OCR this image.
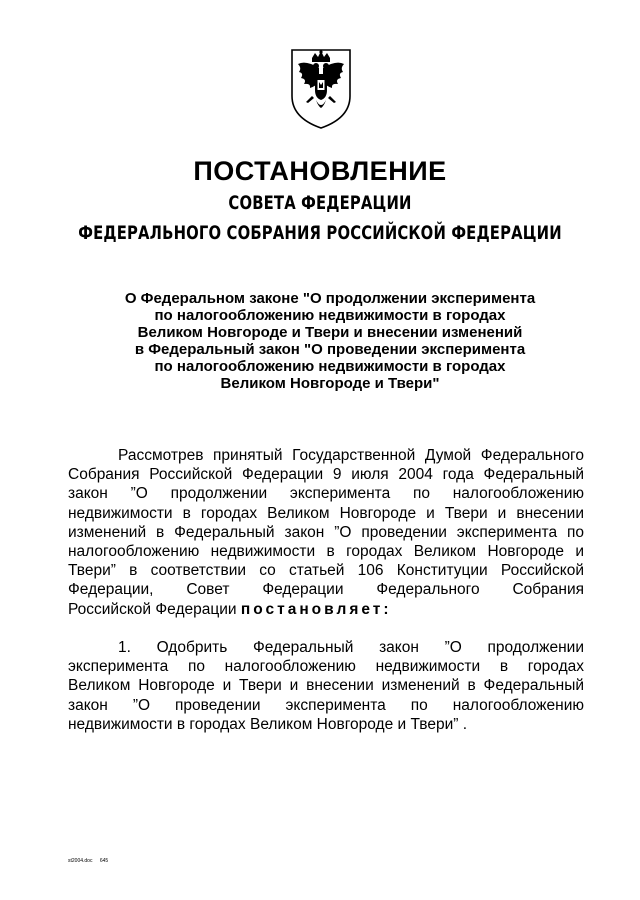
ПОСТАНОВЛЕНИЕ
СОВЕТА ФЕДЕРАЦИИ
ФЕДЕРАЛЬНОГО СОБРАНИЯ РОССИЙСКОЙ ФЕДЕРАЦИИ
О Федеральном законе "О продолжении эксперимента
по налогообложению недвижимости в городах
Великом Новгороде и Твери и внесении изменений
в Федеральный закон "О проведении эксперимента
по налогообложению недвижимости в городах
Великом Новгороде и Твери"
Рассмотрев принятый Государственной Думой Федерального
Собрания Российской Федерации 9 июля 2004 года Федеральный
закон ”О продолжении эксперимента по налогообложению
недвижимости в городах Великом Новгороде и Твери и внесении
изменений в Федеральный закон ”О проведении эксперимента по
налогообложению недвижимости в городах Великом Новгороде и
Твери” в соответствии со статьей 106 Конституции Российской
Федерации, Совет Федерации Федерального Собрания
Российской Федерации постановляет:
1. Одобрить Федеральный закон ”О продолжении
эксперимента по налогообложению недвижимости в городах
Великом Новгороде и Твери и внесении изменений в Федеральный
закон ”О проведении эксперимента по налогообложению
недвижимости в городах Великом Новгороде и Твери” .
st2004.doc 645
